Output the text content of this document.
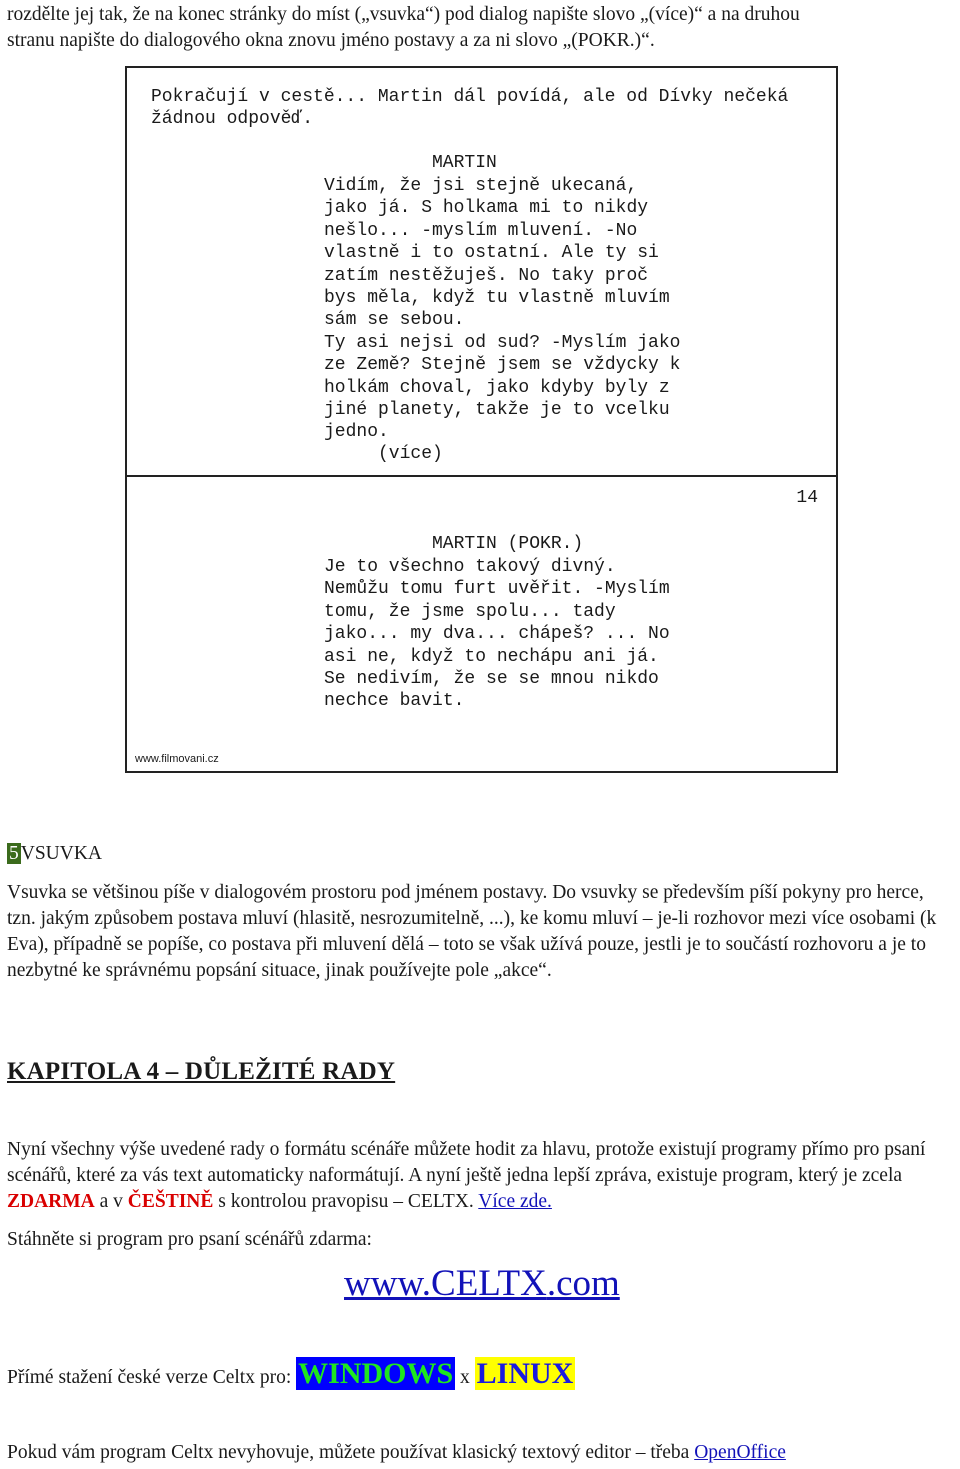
rozdělte jej tak, že na konec stránky do míst („vsuvka“) pod dialog napište slovo „(více)“ a na druhou
stranu napište do dialogového okna znovu jméno postavy a za ni slovo „(POKR.)“.

Pokračují v cestě... Martin dál povídá, ale od Dívky nečeká
žádnou odpověď.
MARTIN
Vidím, že jsi stejně ukecaná,
jako já. S holkama mi to nikdy
nešlo... -myslím mluvení. -No
vlastně i to ostatní. Ale ty si
zatím nestěžuješ. No taky proč
bys měla, když tu vlastně mluvím
sám se sebou.
Ty asi nejsi od sud? -Myslím jako
ze Země? Stejně jsem se vždycky k
holkám choval, jako kdyby byly z
jiné planety, takže je to vcelku
jedno.
(více)
14
MARTIN (POKR.)
Je to všechno takový divný.
Nemůžu tomu furt uvěřit. -Myslím
tomu, že jsme spolu... tady
jako... my dva... chápeš? ... No
asi ne, když to nechápu ani já.
Se nedivím, že se se mnou nikdo
nechce bavit.
www.filmovani.cz
5 VSUVKA

Vsuvka se většinou píše v dialogovém prostoru pod jménem postavy. Do vsuvky se především píší pokyny pro herce, tzn. jakým způsobem postava mluví (hlasitě, nesrozumitelně, ...), ke komu mluví – je-li rozhovor mezi více osobami (k Eva), případně se popíše, co postava při mluvení dělá – toto se však užívá pouze, jestli je to součástí rozhovoru a je to nezbytné ke správnému popsání situace, jinak používejte pole „akce“.

KAPITOLA 4 – DŮLEŽITÉ RADY

Nyní všechny výše uvedené rady o formátu scénáře můžete hodit za hlavu, protože existují programy přímo pro psaní scénářů, které za vás text automaticky naformátují. A nyní ještě jedna lepší zpráva, existuje program, který je zcela ZDARMA a v ČEŠTINĚ s kontrolou pravopisu – CELTX. Více zde.

Stáhněte si program pro psaní scénářů zdarma:

www.CELTX.com

Přímé stažení české verze Celtx pro: WINDOWS x LINUX

Pokud vám program Celtx nevyhovuje, můžete používat klasický textový editor – třeba OpenOffice
